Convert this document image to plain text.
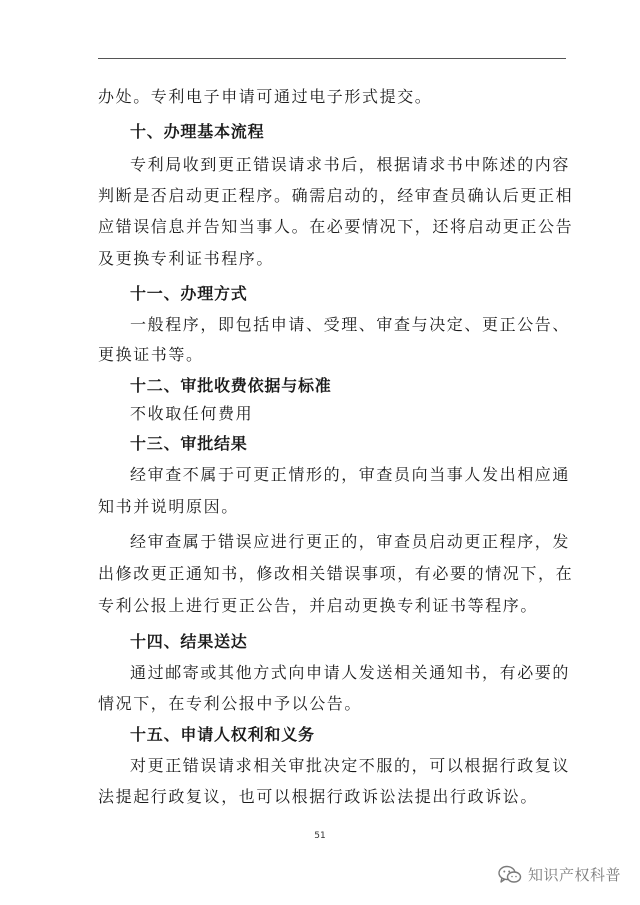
办处。专利电子申请可通过电子形式提交。
十、办理基本流程
专利局收到更正错误请求书后，根据请求书中陈述的内容
判断是否启动更正程序。确需启动的，经审查员确认后更正相
应错误信息并告知当事人。在必要情况下，还将启动更正公告
及更换专利证书程序。
十一、办理方式
一般程序，即包括申请、受理、审查与决定、更正公告、
更换证书等。
十二、审批收费依据与标准
不收取任何费用
十三、审批结果
经审查不属于可更正情形的，审查员向当事人发出相应通
知书并说明原因。
经审查属于错误应进行更正的，审查员启动更正程序，发
出修改更正通知书，修改相关错误事项，有必要的情况下，在
专利公报上进行更正公告，并启动更换专利证书等程序。
十四、结果送达
通过邮寄或其他方式向申请人发送相关通知书，有必要的
情况下，在专利公报中予以公告。
十五、申请人权利和义务
对更正错误请求相关审批决定不服的，可以根据行政复议
法提起行政复议，也可以根据行政诉讼法提出行政诉讼。
51
知识产权科普
